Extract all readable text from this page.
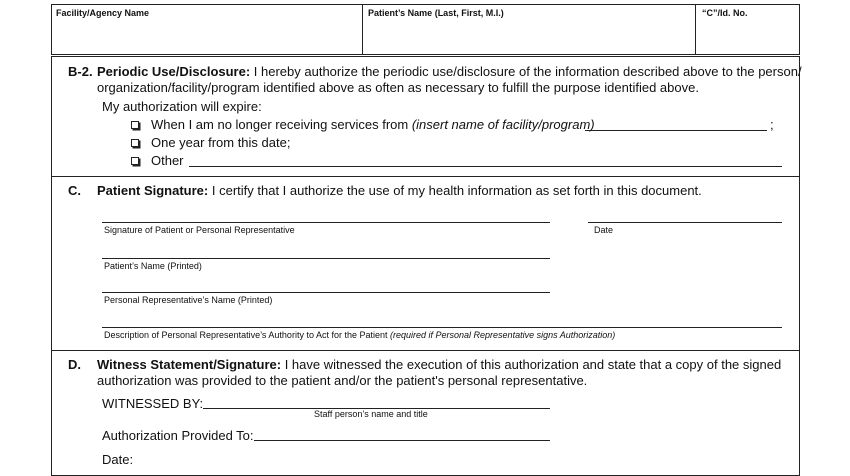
Facility/Agency Name	Patient’s Name (Last, First, M.I.)	“C”/Id. No.
B-2. Periodic Use/Disclosure: I hereby authorize the periodic use/disclosure of the information described above to the person/
organization/facility/program identified above as often as necessary to fulfill the purpose identified above.
My authorization will expire:
When I am no longer receiving services from (insert name of facility/program)	;
One year from this date;
Other
C. Patient Signature: I certify that I authorize the use of my health information as set forth in this document.
Signature of Patient or Personal Representative	Date
Patient’s Name (Printed)
Personal Representative’s Name (Printed)
Description of Personal Representative’s Authority to Act for the Patient (required if Personal Representative signs Authorization)
D. Witness Statement/Signature: I have witnessed the execution of this authorization and state that a copy of the signed
authorization was provided to the patient and/or the patient's personal representative.
WITNESSED BY:
Staff person’s name and title
Authorization Provided To:
Date:
